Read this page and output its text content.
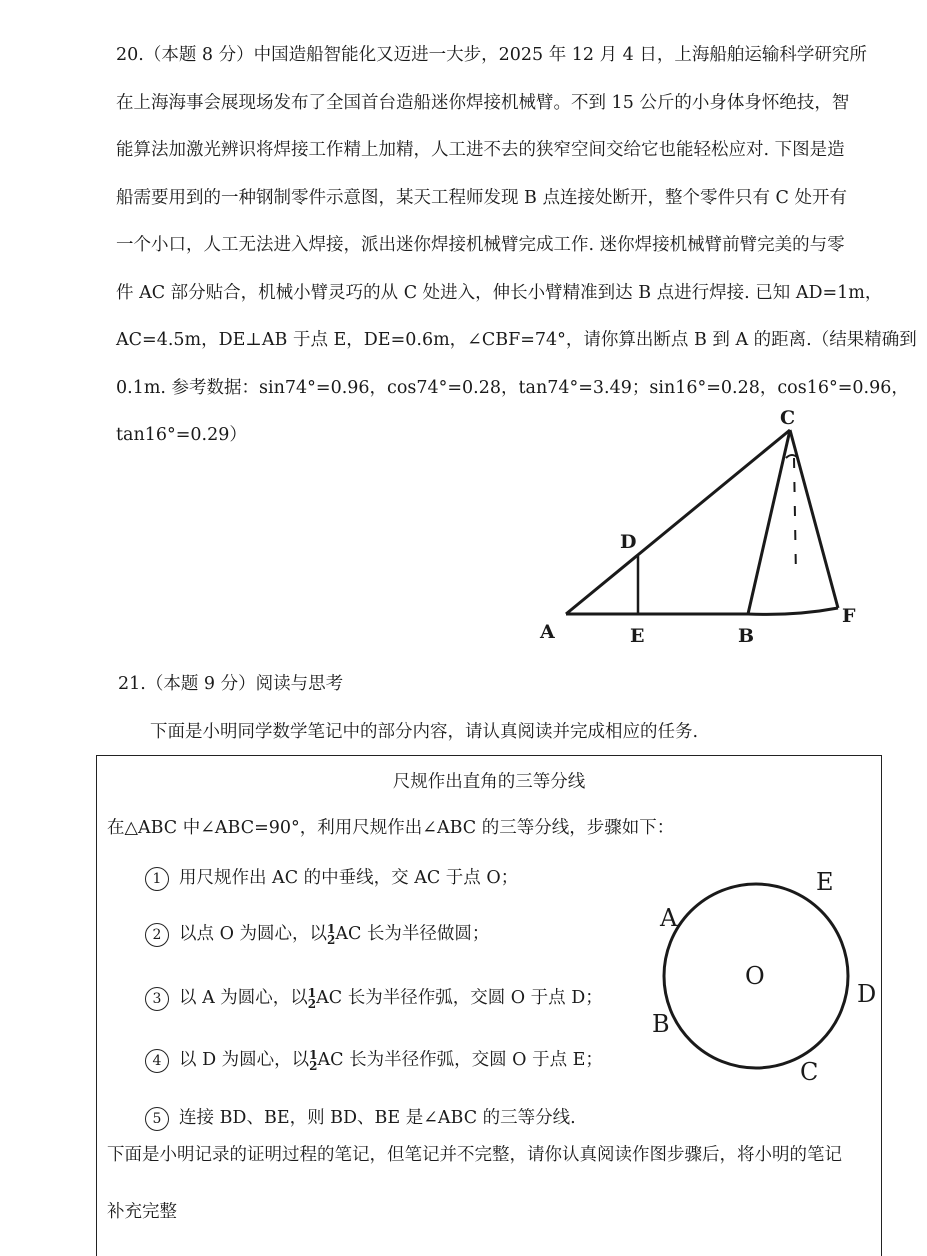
20.（本题 8 分）中国造船智能化又迈进一大步，2025 年 12 月 4 日，上海船舶运输科学研究所
在上海海事会展现场发布了全国首台造船迷你焊接机械臂。不到 15 公斤的小身体身怀绝技，智
能算法加激光辨识将焊接工作精上加精，人工进不去的狭窄空间交给它也能轻松应对. 下图是造
船需要用到的一种钢制零件示意图，某天工程师发现 B 点连接处断开，整个零件只有 C 处开有
一个小口，人工无法进入焊接，派出迷你焊接机械臂完成工作. 迷你焊接机械臂前臂完美的与零
件 AC 部分贴合，机械小臂灵巧的从 C 处进入，伸长小臂精准到达 B 点进行焊接. 已知 AD=1m，
AC=4.5m，DE⊥AB 于点 E，DE=0.6m，∠CBF=74°，请你算出断点 B 到 A 的距离.（结果精确到
0.1m. 参考数据：sin74°=0.96，cos74°=0.28，tan74°=3.49；sin16°=0.28，cos16°=0.96，
tan16°=0.29）
A	E	B
F
D
C
21.（本题 9 分）阅读与思考
下面是小明同学数学笔记中的部分内容，请认真阅读并完成相应的任务.
尺规作出直角的三等分线
在△ABC 中∠ABC=90°，利用尺规作出∠ABC 的三等分线，步骤如下：
1 用尺规作出 AC 的中垂线，交 AC 于点 O；
2 以点 O 为圆心，以 1
2 AC 长为半径做圆；
3 以 A 为圆心，以 1
2 AC 长为半径作弧，交圆 O 于点 D；
4 以 D 为圆心，以 1
2 AC 长为半径作弧，交圆 O 于点 E；
5 连接 BD、BE，则 BD、BE 是∠ABC 的三等分线.
下面是小明记录的证明过程的笔记，但笔记并不完整，请你认真阅读作图步骤后，将小明的笔记
补充完整
O
A
E
D
B
C
